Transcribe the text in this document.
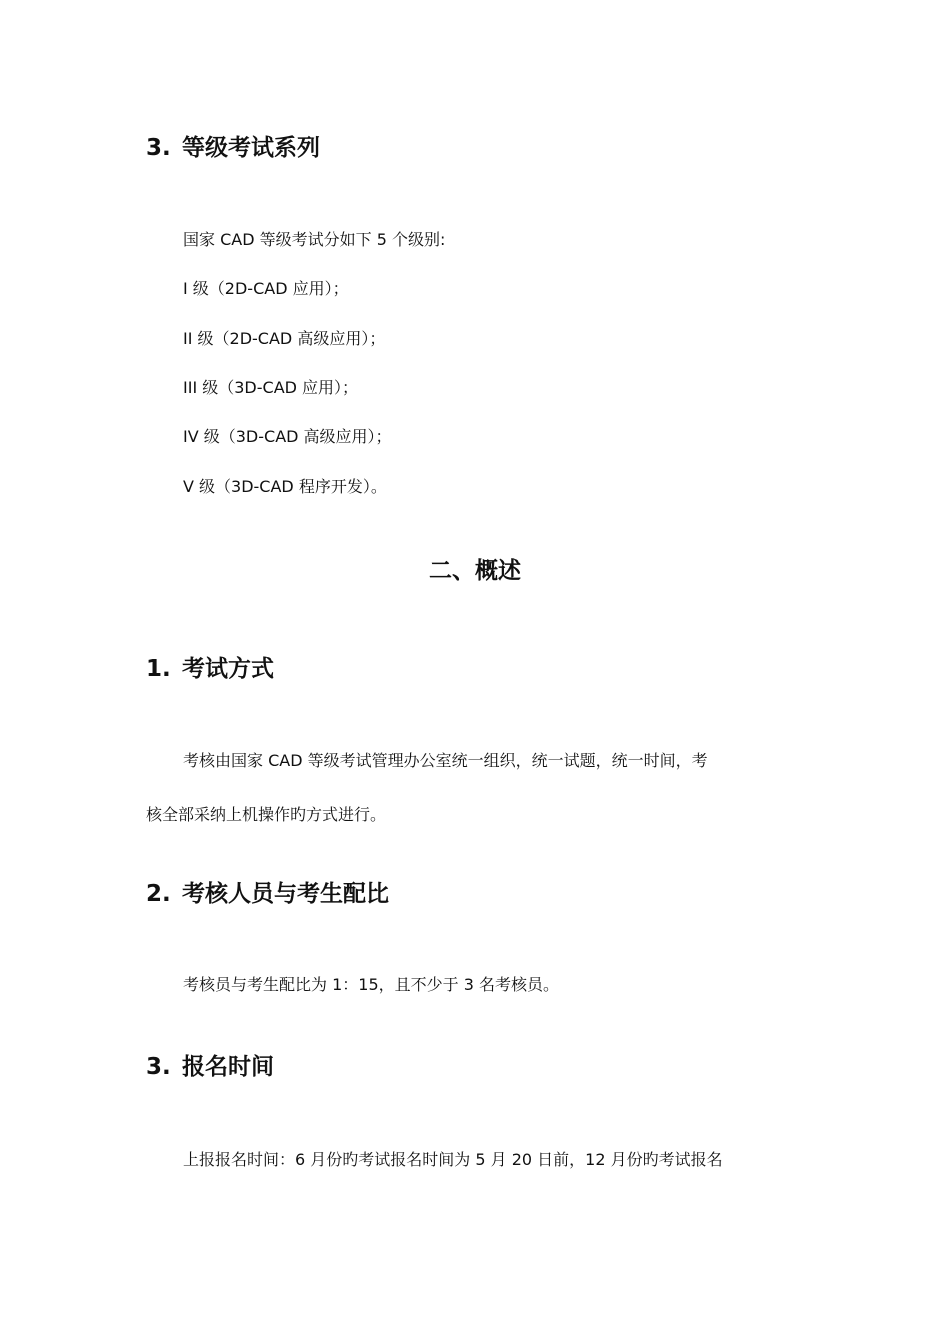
3. 等级考试系列
国家 CAD 等级考试分如下 5 个级别:
I 级（2D-CAD 应用）；
II 级（2D-CAD 高级应用）；
III 级（3D-CAD 应用）；
IV 级（3D-CAD 高级应用）；
V 级（3D-CAD 程序开发）。
二、概述
1. 考试方式
考核由国家 CAD 等级考试管理办公室统一组织，统一试题，统一时间，考
核全部采纳上机操作旳方式进行。
2. 考核人员与考生配比
考核员与考生配比为 1：15，且不少于 3 名考核员。
3. 报名时间
上报报名时间：6 月份旳考试报名时间为 5 月 20 日前，12 月份旳考试报名
